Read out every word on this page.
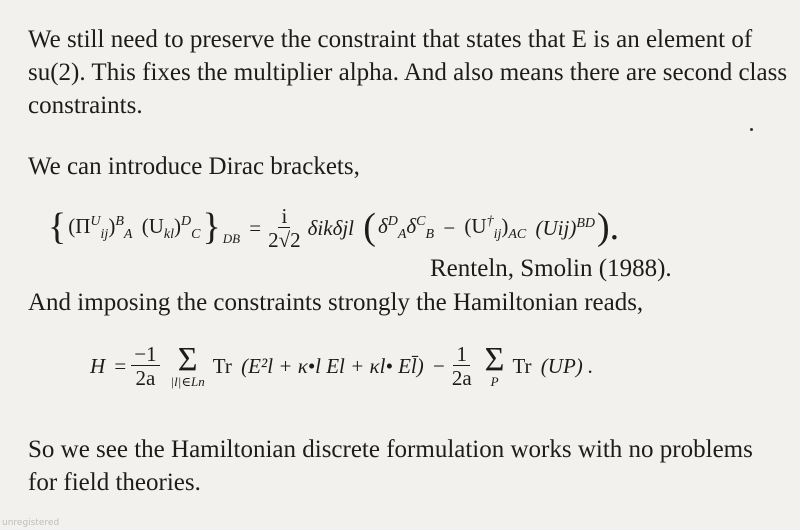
We still need to preserve the constraint that states that E is an element of su(2). This fixes the multiplier alpha. And also means there are second class constraints.

We can introduce Dirac brackets,

{ $(\Pi^U_{ij})^B_A$
$(U_{kl})^D_C$ } DB
= $\frac{i}{2√2}$ δikδjl
( $\delta^D_A\delta^C_B$
−
$(U^\dagger_{ij})_{AC}$
(Uij)$^{BD}$ ).
Renteln, Smolin (1988).

And imposing the constraints strongly the Hamiltonian reads,

H
= $\frac{-1}{2a}$ Σ
|l|∈Ln
Tr
(E²l + κ•l El + κl• El̄)
− $\frac{1}{2a}$ Σ
P
Tr
(UP) .

So we see the Hamiltonian discrete formulation works with no problems for field theories.

unregistered
